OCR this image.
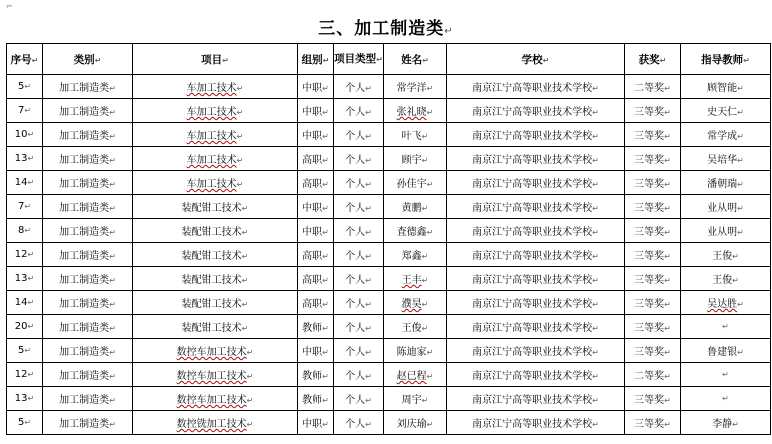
⌐
三、加工制造类↵
序号↵	类别↵	项目↵	组别↵	项目类型↵	姓名↵	学校↵	获奖↵	指导教师↵
5↵	加工制造类↵	车加工技术↵	中职↵	个人↵	常学洋↵	南京江宁高等职业技术学校↵	二等奖↵	顾智能↵
7↵	加工制造类↵	车加工技术↵	中职↵	个人↵	张礼晓↵	南京江宁高等职业技术学校↵	三等奖↵	史天仁↵
10↵	加工制造类↵	车加工技术↵	中职↵	个人↵	叶飞↵	南京江宁高等职业技术学校↵	三等奖↵	常学成↵
13↵	加工制造类↵	车加工技术↵	高职↵	个人↵	顾宇↵	南京江宁高等职业技术学校↵	三等奖↵	吴培华↵
14↵	加工制造类↵	车加工技术↵	高职↵	个人↵	孙佳宇↵	南京江宁高等职业技术学校↵	三等奖↵	潘朝瑞↵
7↵	加工制造类↵	装配钳工技术↵	中职↵	个人↵	黄鹏↵	南京江宁高等职业技术学校↵	三等奖↵	业从明↵
8↵	加工制造类↵	装配钳工技术↵	中职↵	个人↵	査德鑫↵	南京江宁高等职业技术学校↵	三等奖↵	业从明↵
12↵	加工制造类↵	装配钳工技术↵	高职↵	个人↵	郑鑫↵	南京江宁高等职业技术学校↵	三等奖↵	王俊↵
13↵	加工制造类↵	装配钳工技术↵	高职↵	个人↵	王丰↵	南京江宁高等职业技术学校↵	三等奖↵	王俊↵
14↵	加工制造类↵	装配钳工技术↵	高职↵	个人↵	濮昊↵	南京江宁高等职业技术学校↵	三等奖↵	吴达胜↵
20↵	加工制造类↵	装配钳工技术↵	教师↵	个人↵	王俊↵	南京江宁高等职业技术学校↵	三等奖↵	↵
5↵	加工制造类↵	数控车加工技术↵	中职↵	个人↵	陈迪家↵	南京江宁高等职业技术学校↵	三等奖↵	鲁建银↵
12↵	加工制造类↵	数控车加工技术↵	教师↵	个人↵	赵已程↵	南京江宁高等职业技术学校↵	二等奖↵	↵
13↵	加工制造类↵	数控车加工技术↵	教师↵	个人↵	周宇↵	南京江宁高等职业技术学校↵	三等奖↵	↵
5↵	加工制造类↵	数控铣加工技术↵	中职↵	个人↵	刘庆瑜↵	南京江宁高等职业技术学校↵	三等奖↵	李静↵
